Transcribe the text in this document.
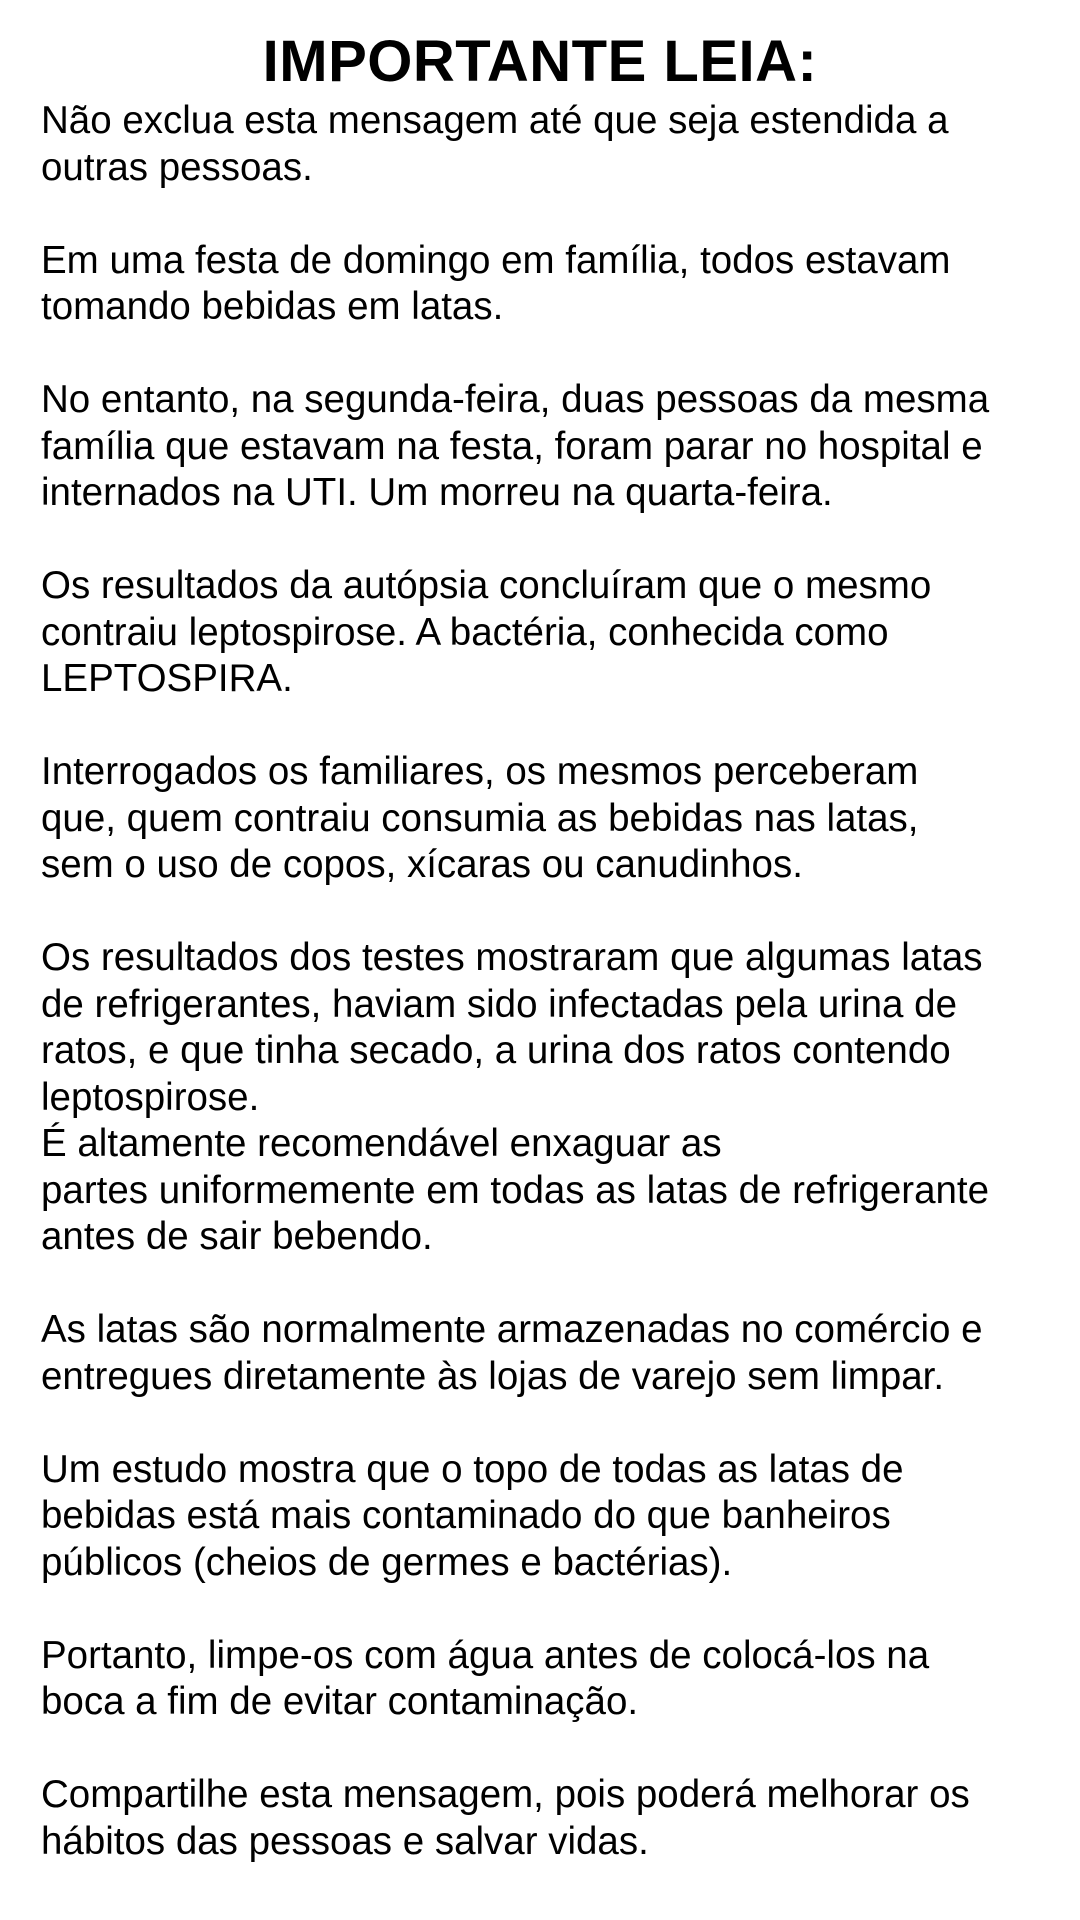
IMPORTANTE LEIA:

Não exclua esta mensagem até que seja estendida a
outras pessoas.

Em uma festa de domingo em família, todos estavam
tomando bebidas em latas.

No entanto, na segunda-feira, duas pessoas da mesma
família que estavam na festa, foram parar no hospital e
internados na UTI. Um morreu na quarta-feira.

Os resultados da autópsia concluíram que o mesmo
contraiu leptospirose. A bactéria, conhecida como
LEPTOSPIRA.

Interrogados os familiares, os mesmos perceberam
que, quem contraiu consumia as bebidas nas latas,
sem o uso de copos, xícaras ou canudinhos.

Os resultados dos testes mostraram que algumas latas
de refrigerantes, haviam sido infectadas pela urina de
ratos, e que tinha secado, a urina dos ratos contendo
leptospirose.

É altamente recomendável enxaguar as
partes uniformemente em todas as latas de refrigerante
antes de sair bebendo.

As latas são normalmente armazenadas no comércio e
entregues diretamente às lojas de varejo sem limpar.

Um estudo mostra que o topo de todas as latas de
bebidas está mais contaminado do que banheiros
públicos (cheios de germes e bactérias).

Portanto, limpe-os com água antes de colocá-los na
boca a fim de evitar contaminação.

Compartilhe esta mensagem, pois poderá melhorar os
hábitos das pessoas e salvar vidas.
